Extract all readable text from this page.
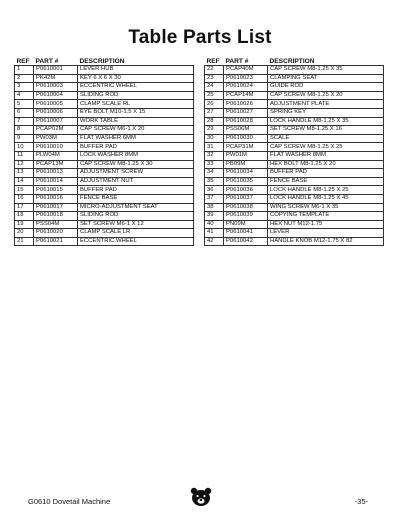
Table Parts List
REF	PART #	DESCRIPTION
1	P0610001	LEVER HUB
2	PK42M	KEY 6 X 6 X 30
3	P0610003	ECCENTRIC WHEEL
4	P0610004	SLIDING ROD
5	P0610005	CLAMP SCALE RL
6	P0610006	EYE BOLT M10-1.5 X 15
7	P0610007	WORK TABLE
8	PCAP02M	CAP SCREW M6-1 X 20
9	PW03M	FLAT WASHER 6MM
10	P0610010	BUFFER PAD
11	PLW04M	LOCK WASHER 8MM
12	PCAP13M	CAP SCREW M8-1.25 X 30
13	P0610013	ADJUSTMENT SCREW
14	P0610014	ADJUSTMENT NUT
15	P0610015	BUFFER PAD
16	P0610016	FENCE BASE
17	P0610017	MICRO-ADJUSTMENT SEAT
18	P0610018	SLIDING ROD
19	PSS04M	SET SCREW M6-1 X 12
20	P0610020	CLAMP SCALE LR
21	P0610021	ECCENTRIC WHEEL
REF	PART #	DESCRIPTION
22	PCAP40M	CAP SCREW M8-1.25 X 35
23	P0610023	CLAMPING SEAT
24	P0610024	GUIDE ROD
25	PCAP14M	CAP SCREW M8-1.25 X 20
26	P0610026	ADJUSTMENT PLATE
27	P0610027	SPRING KEY
28	P0610028	LOCK HANDLE M8-1.25 X 35
29	PSS06M	SET SCREW M8-1.25 X 16
30	P0610030	SCALE
31	PCAP31M	CAP SCREW M8-1.25 X 25
32	PW01M	FLAT WASHER 8MM
33	PB09M	HEX BOLT M8-1.25 X 20
34	P0610034	BUFFER PAD
35	P0610035	FENCE BASE
36	P0610036	LOCK HANDLE M8-1.25 X 25
37	P0610037	LOCK HANDLE M8-1.25 X 45
38	P0610038	WING SCREW M6-1 X 35
39	P0610039	COPYING TEMPLATE
40	PN09M	HEX NUT M12-1.75
41	P0610041	LEVER
42	P0610042	HANDLE KNOB M12-1.75 X 82
G0610 Dovetail Machine	-35-
